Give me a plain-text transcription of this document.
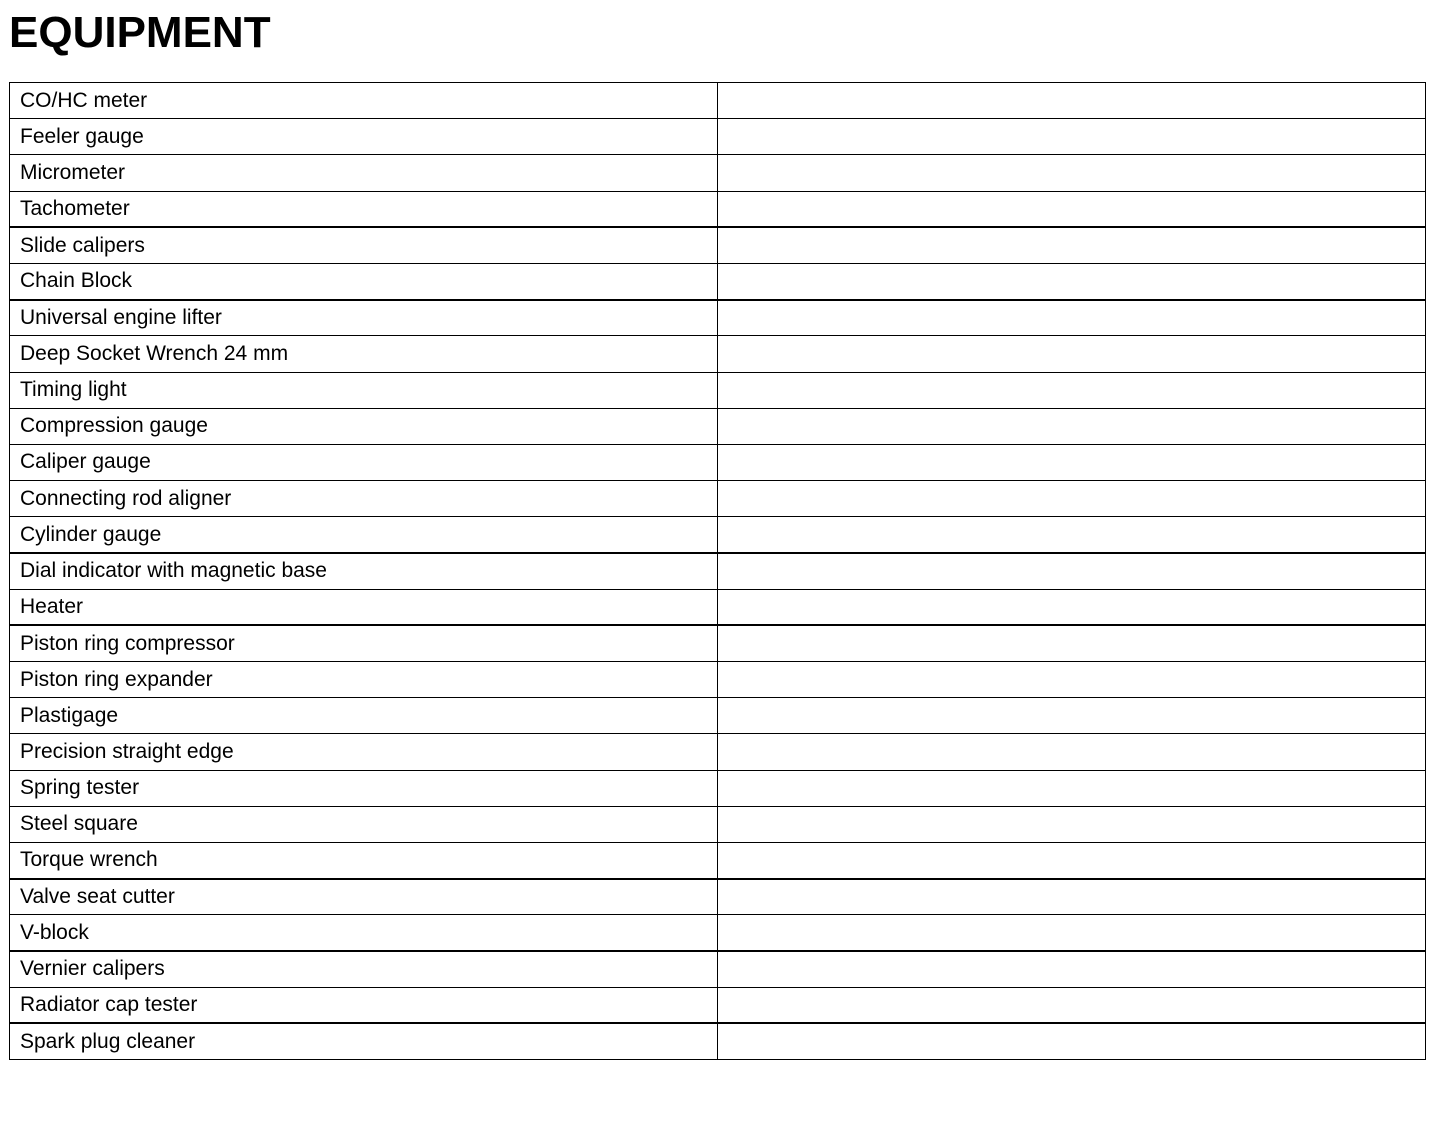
EQUIPMENT
CO/HC meter	
Feeler gauge	
Micrometer	
Tachometer	
Slide calipers	
Chain Block	
Universal engine lifter	
Deep Socket Wrench 24 mm	
Timing light	
Compression gauge	
Caliper gauge	
Connecting rod aligner	
Cylinder gauge	
Dial indicator with magnetic base	
Heater	
Piston ring compressor	
Piston ring expander	
Plastigage	
Precision straight edge	
Spring tester	
Steel square	
Torque wrench	
Valve seat cutter	
V-block	
Vernier calipers	
Radiator cap tester	
Spark plug cleaner	
